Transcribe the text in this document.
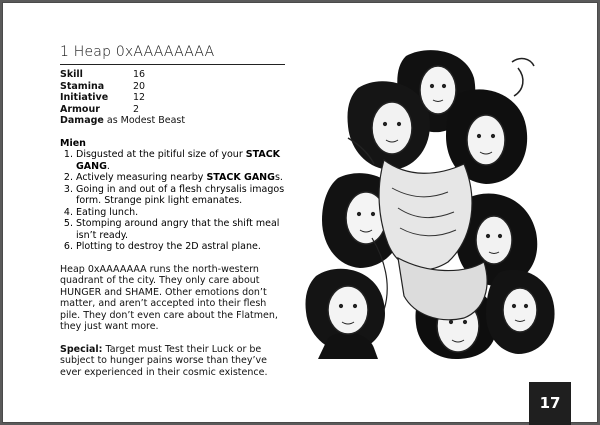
1 Heap 0xAAAAAAAA
Skill	16
Stamina	20
Initiative	12
Armour	2
Damage as Modest Beast
Mien
1. Disgusted at the pitiful size of your STACK GANG.
2. Actively measuring nearby STACK GANGs.
3. Going in and out of a flesh chrysalis imagos form. Strange pink light emanates.
4. Eating lunch.
5. Stomping around angry that the shift meal isn’t ready.
6. Plotting to destroy the 2D astral plane.
Heap 0xAAAAAAA runs the north-western quadrant of the city. They only care about HUNGER and SHAME. Other emotions don’t matter, and aren’t accepted into their flesh pile. They don’t even care about the Flatmen, they just want more.
Special: Target must Test their Luck or be subject to hunger pains worse than they’ve ever experienced in their cosmic existence.
17
